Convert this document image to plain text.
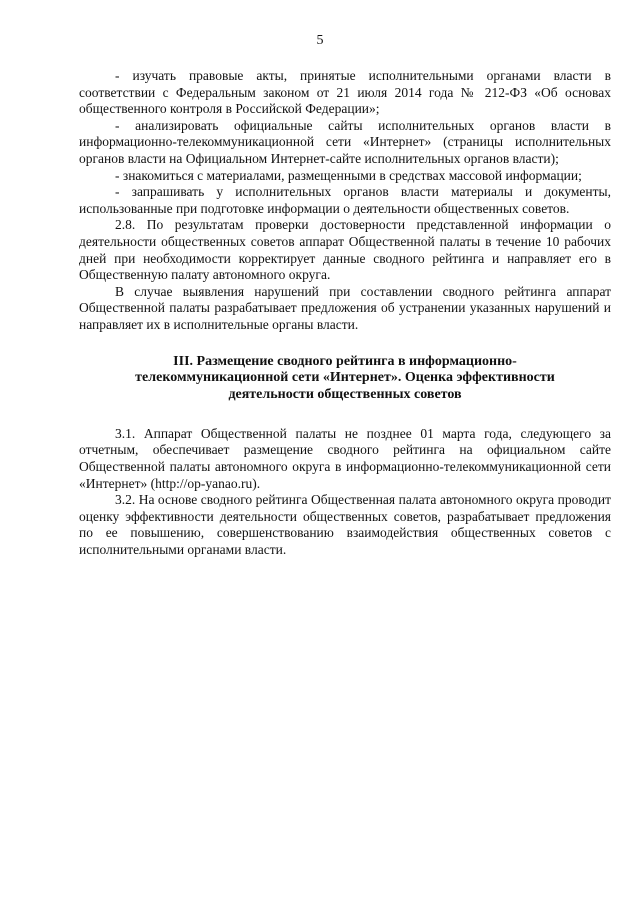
5

- изучать правовые акты, принятые исполнительными органами власти в соответствии с Федеральным законом от 21 июля 2014 года № 212-ФЗ «Об основах общественного контроля в Российской Федерации»;

- анализировать официальные сайты исполнительных органов власти в информационно-телекоммуникационной сети «Интернет» (страницы исполнительных органов власти на Официальном Интернет-сайте исполнительных органов власти);

- знакомиться с материалами, размещенными в средствах массовой информации;

- запрашивать у исполнительных органов власти материалы и документы, использованные при подготовке информации о деятельности общественных советов.

2.8. По результатам проверки достоверности представленной информации о деятельности общественных советов аппарат Общественной палаты в течение 10 рабочих дней при необходимости корректирует данные сводного рейтинга и направляет его в Общественную палату автономного округа.

В случае выявления нарушений при составлении сводного рейтинга аппарат Общественной палаты разрабатывает предложения об устранении указанных нарушений и направляет их в исполнительные органы власти.

III. Размещение сводного рейтинга в информационно-телекоммуникационной сети «Интернет». Оценка эффективности деятельности общественных советов

3.1. Аппарат Общественной палаты не позднее 01 марта года, следующего за отчетным, обеспечивает размещение сводного рейтинга на официальном сайте Общественной палаты автономного округа в информационно-телекоммуникационной сети «Интернет» (http://op-yanao.ru).

3.2. На основе сводного рейтинга Общественная палата автономного округа проводит оценку эффективности деятельности общественных советов, разрабатывает предложения по ее повышению, совершенствованию взаимодействия общественных советов с исполнительными органами власти.
